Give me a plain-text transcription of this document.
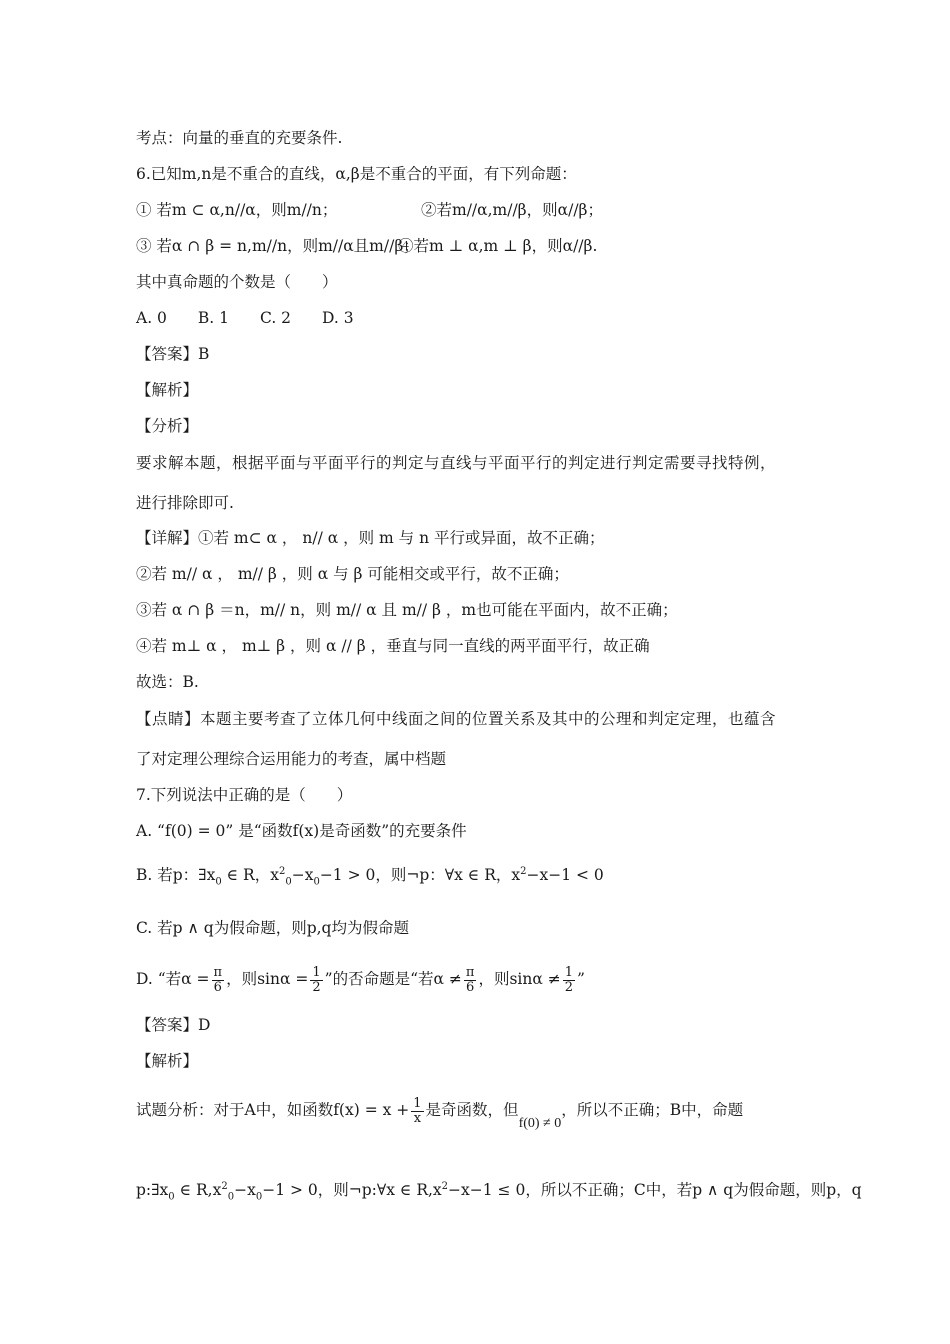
考点：向量的垂直的充要条件.
6.已知m,n是不重合的直线，α,β是不重合的平面，有下列命题：
① 若m ⊂ α,n//α，则m//n；	②若m//α,m//β，则α//β；
③ 若α ∩ β = n,m//n，则m//α且m//β；
④若m ⊥ α,m ⊥ β，则α//β.
其中真命题的个数是（　　）
A. 0　　B. 1　　C. 2　　D. 3
【答案】B
【解析】
【分析】
要求解本题，根据平面与平面平行的判定与直线与平面平行的判定进行判定需要寻找特例，
进行排除即可.
【详解】①若 m⊂ α ， n// α ，则 m 与 n 平行或异面，故不正确；
②若 m// α ， m// β ，则 α 与 β 可能相交或平行，故不正确；
③若 α ∩ β ＝n，m// n，则 m// α 且 m// β ，m也可能在平面内，故不正确；
④若 m⊥ α ， m⊥ β ，则 α // β ，垂直与同一直线的两平面平行，故正确
故选：B.
【点睛】本题主要考查了立体几何中线面之间的位置关系及其中的公理和判定定理，也蕴含
了对定理公理综合运用能力的考查，属中档题
7.下列说法中正确的是（　　）
A. “f(0) = 0” 是“函数f(x)是奇函数”的充要条件
B. 若p：$\exists x_0$ ∈ R，$x^2_0-x_0-1 > 0$，则¬p：∀x ∈ R，$x^2-x-1 < 0$
C. 若p ∧ q为假命题，则p,q均为假命题
D. “若$\alpha = \frac{\pi}{6}$ ，则$\sin\alpha = \frac{1}{2}$ ”的否命题是“若$\alpha \ne \frac{\pi}{6}$ ，则$\sin\alpha \ne \frac{1}{2}$ ”
【答案】D
【解析】
试题分析：对于A中，如函数$f(x) = x + \frac{1}{x}$ 是奇函数，但f(0) ≠ 0，所以不正确；B中，命题
$p:\exists x_0$ ∈ $R,x^2_0-x_0-1 > 0$，则¬p:∀x ∈ $R,x^2-x-1 \le 0$，所以不正确；C中，若p ∧ q为假命题，则p，q
